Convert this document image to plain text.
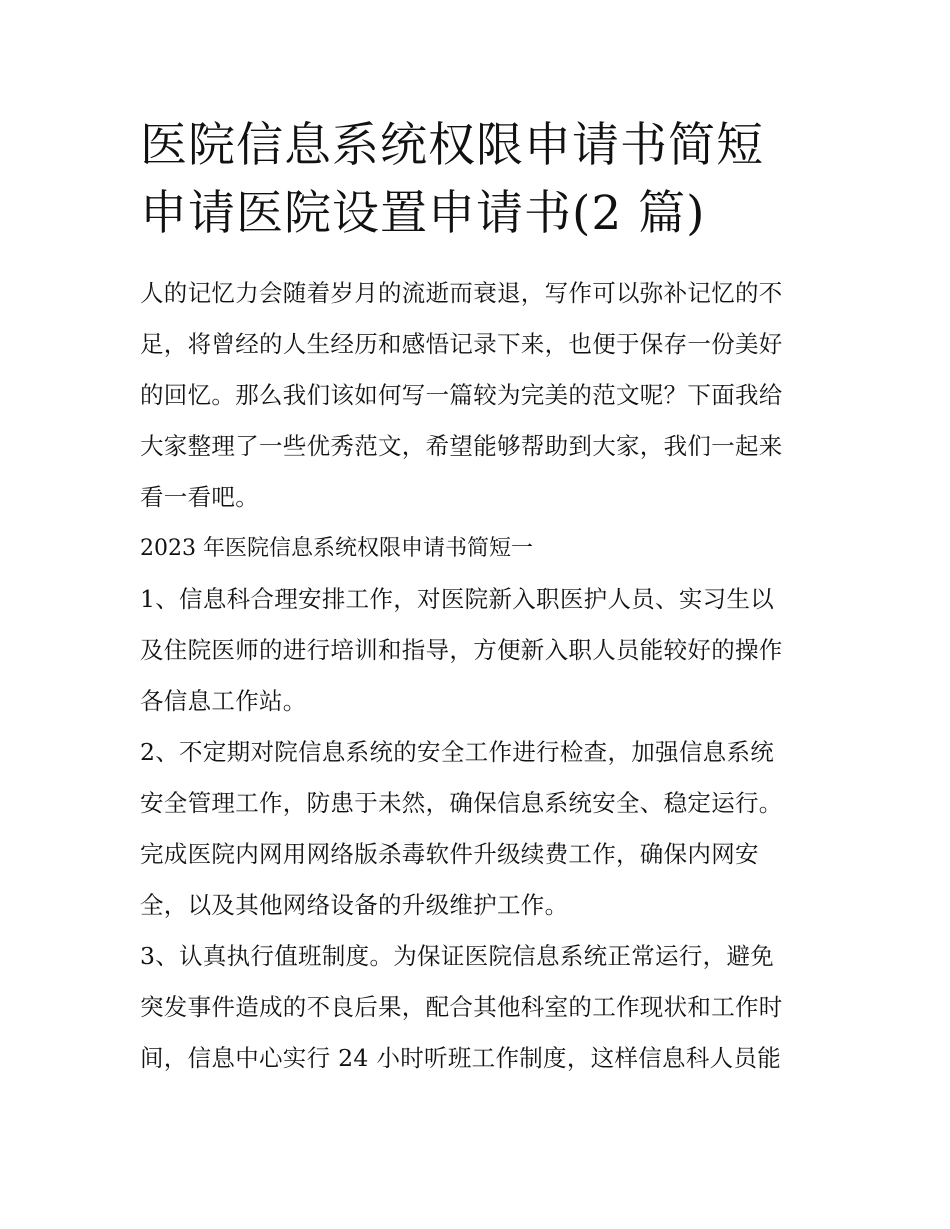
医院信息系统权限申请书简短
申请医院设置申请书(2 篇)

人的记忆力会随着岁月的流逝而衰退，写作可以弥补记忆的不
足，将曾经的人生经历和感悟记录下来，也便于保存一份美好
的回忆。那么我们该如何写一篇较为完美的范文呢？下面我给
大家整理了一些优秀范文，希望能够帮助到大家，我们一起来
看一看吧。

2023 年医院信息系统权限申请书简短一

1、信息科合理安排工作，对医院新入职医护人员、实习生以
及住院医师的进行培训和指导，方便新入职人员能较好的操作
各信息工作站。

2、不定期对院信息系统的安全工作进行检查，加强信息系统
安全管理工作，防患于未然，确保信息系统安全、稳定运行。
完成医院内网用网络版杀毒软件升级续费工作，确保内网安
全，以及其他网络设备的升级维护工作。

3、认真执行值班制度。为保证医院信息系统正常运行，避免
突发事件造成的不良后果，配合其他科室的工作现状和工作时
间，信息中心实行 24 小时听班工作制度，这样信息科人员能
